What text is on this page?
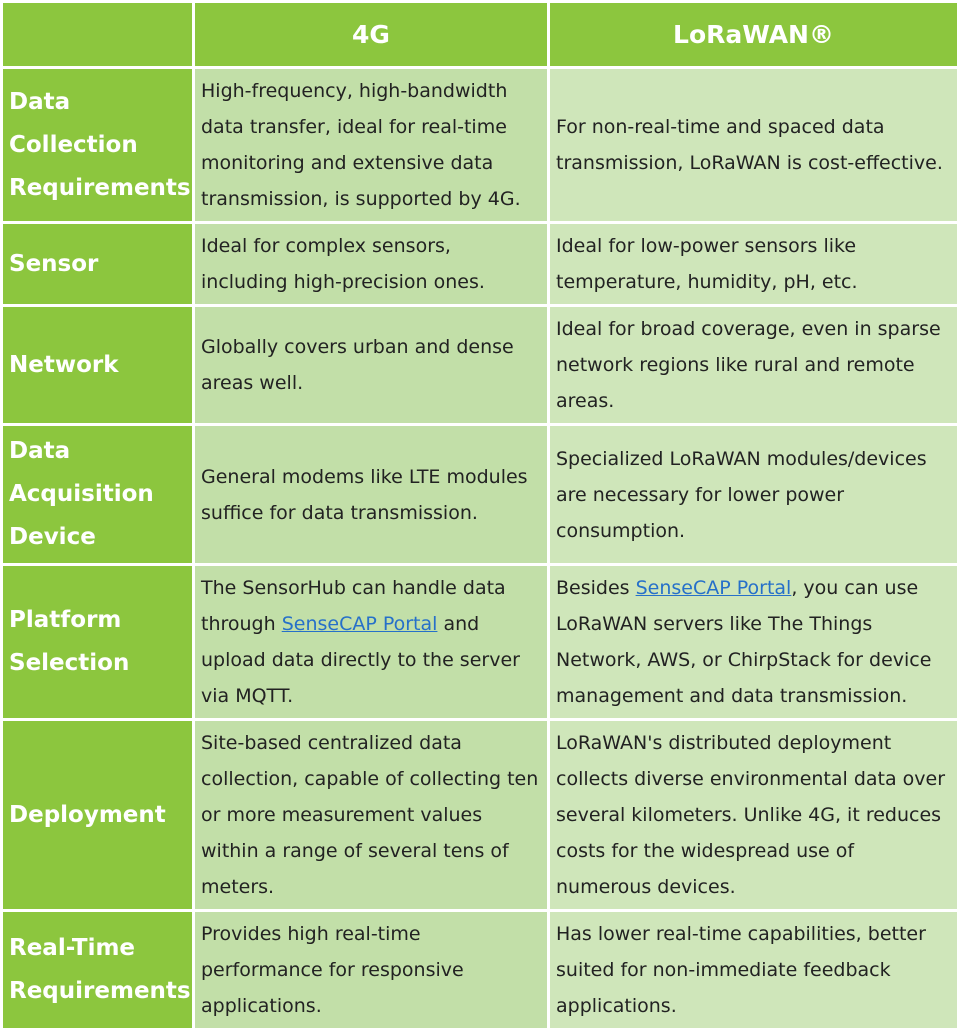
	4G	LoRaWAN®
Data Collection Requirements	High-frequency, high-bandwidth data transfer, ideal for real-time monitoring and extensive data transmission, is supported by 4G.	For non-real-time and spaced data transmission, LoRaWAN is cost-effective.
Sensor	Ideal for complex sensors, including high-precision ones.	Ideal for low-power sensors like temperature, humidity, pH, etc.
Network	Globally covers urban and dense areas well.	Ideal for broad coverage, even in sparse network regions like rural and remote areas.
Data Acquisition Device	General modems like LTE modules suffice for data transmission.	Specialized LoRaWAN modules/devices are necessary for lower power consumption.
Platform Selection	The SensorHub can handle data through SenseCAP Portal and upload data directly to the server via MQTT.	Besides SenseCAP Portal, you can use LoRaWAN servers like The Things Network, AWS, or ChirpStack for device management and data transmission.
Deployment	Site-based centralized data collection, capable of collecting ten or more measurement values within a range of several tens of meters.	LoRaWAN's distributed deployment collects diverse environmental data over several kilometers. Unlike 4G, it reduces costs for the widespread use of numerous devices.
Real-Time Requirements	Provides high real-time performance for responsive applications.	Has lower real-time capabilities, better suited for non-immediate feedback applications.
